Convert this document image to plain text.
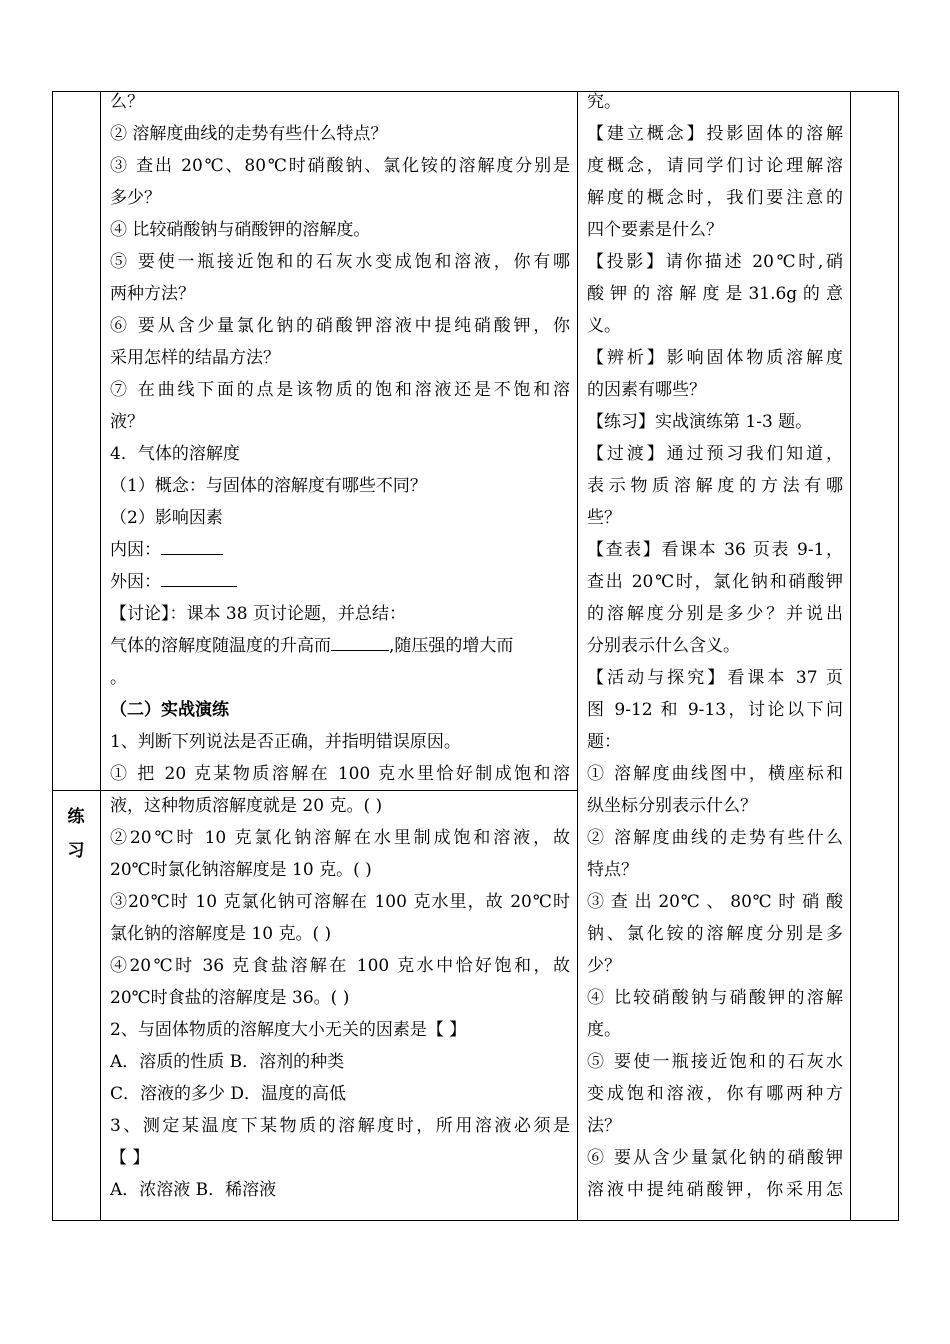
练
习

么？

② 溶解度曲线的走势有些什么特点？

③ 查出 20℃、80℃时硝酸钠、氯化铵的溶解度分别是

多少？

④ 比较硝酸钠与硝酸钾的溶解度。

⑤ 要使一瓶接近饱和的石灰水变成饱和溶液，你有哪

两种方法？

⑥ 要从含少量氯化钠的硝酸钾溶液中提纯硝酸钾，你

采用怎样的结晶方法？

⑦ 在曲线下面的点是该物质的饱和溶液还是不饱和溶

液？

4．气体的溶解度

（1）概念：与固体的溶解度有哪些不同？

（2）影响因素

内因：

外因：

【讨论】：课本 38 页讨论题，并总结：

气体的溶解度随温度的升高而	,随压强的增大而

。

（二）实战演练

1、判断下列说法是否正确，并指明错误原因。

① 把 20 克某物质溶解在 100 克水里恰好制成饱和溶

液，这种物质溶解度就是 20 克。( )

②20℃时 10 克氯化钠溶解在水里制成饱和溶液，故

20℃时氯化钠溶解度是 10 克。( )

③20℃时 10 克氯化钠可溶解在 100 克水里，故 20℃时

氯化钠的溶解度是 10 克。( )

④20℃时 36 克食盐溶解在 100 克水中恰好饱和，故

20℃时食盐的溶解度是 36。( )

2、与固体物质的溶解度大小无关的因素是【 】

A．溶质的性质 B．溶剂的种类

C．溶液的多少 D．温度的高低

3、测定某温度下某物质的溶解度时，所用溶液必须是

【 】

A．浓溶液 B．稀溶液

究。

【建立概念】投影固体的溶解

度概念，请同学们讨论理解溶

解度的概念时，我们要注意的

四个要素是什么？

【投影】请你描述 20℃时,硝

酸 钾 的 溶 解 度 是 31.6g 的 意

义。

【辨析】影响固体物质溶解度

的因素有哪些？

【练习】实战演练第 1-3 题。

【过渡】通过预习我们知道，

表示物质溶解度的方法有哪

些？

【查表】看课本 36 页表 9-1，

查出 20℃时，氯化钠和硝酸钾

的溶解度分别是多少？并说出

分别表示什么含义。

【活动与探究】看课本 37 页

图 9-12 和 9-13，讨论以下问

题：

① 溶解度曲线图中，横座标和

纵坐标分别表示什么？

② 溶解度曲线的走势有些什么

特点？

③ 查 出 20℃ 、 80℃ 时 硝 酸

钠、氯化铵的溶解度分别是多

少？

④ 比较硝酸钠与硝酸钾的溶解

度。

⑤ 要使一瓶接近饱和的石灰水

变成饱和溶液，你有哪两种方

法？

⑥ 要从含少量氯化钠的硝酸钾

溶液中提纯硝酸钾，你采用怎
